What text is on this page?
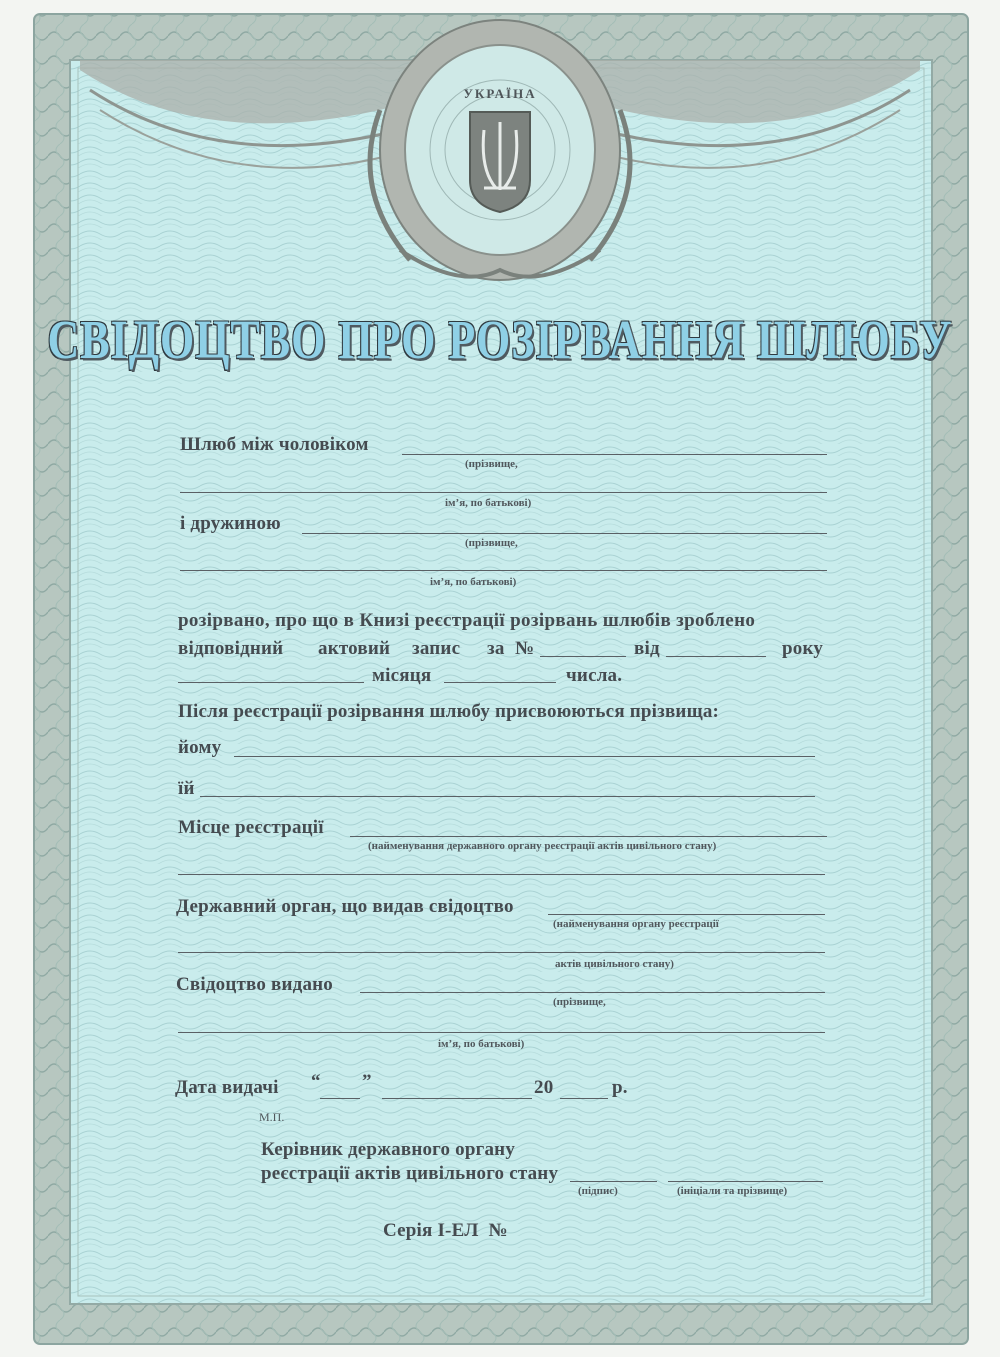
УКРАЇНА
СВІДОЦТВО ПРО РОЗІРВАННЯ ШЛЮБУ
Шлюб між чоловіком
(прізвище,
ім’я, по батькові)
і дружиною
(прізвище,
ім’я, по батькові)
розірвано, про що в Книзі реєстрації розірвань шлюбів зроблено
відповідний актовий запис за №	від	року
місяця	числа.
Після реєстрації розірвання шлюбу присвоюються прізвища:
йому
їй
Місце реєстрації
(найменування державного органу реєстрації актів цивільного стану)
Державний орган, що видав свідоцтво
(найменування органу реєстрації
актів цивільного стану)
Свідоцтво видано
(прізвище,
ім’я, по батькові)
Дата видачі “ ”	20	р.
М.П.
Керівник державного органу
реєстрації актів цивільного стану
(підпис)	(ініціали та прізвище)
Серія І-ЕЛ  №
